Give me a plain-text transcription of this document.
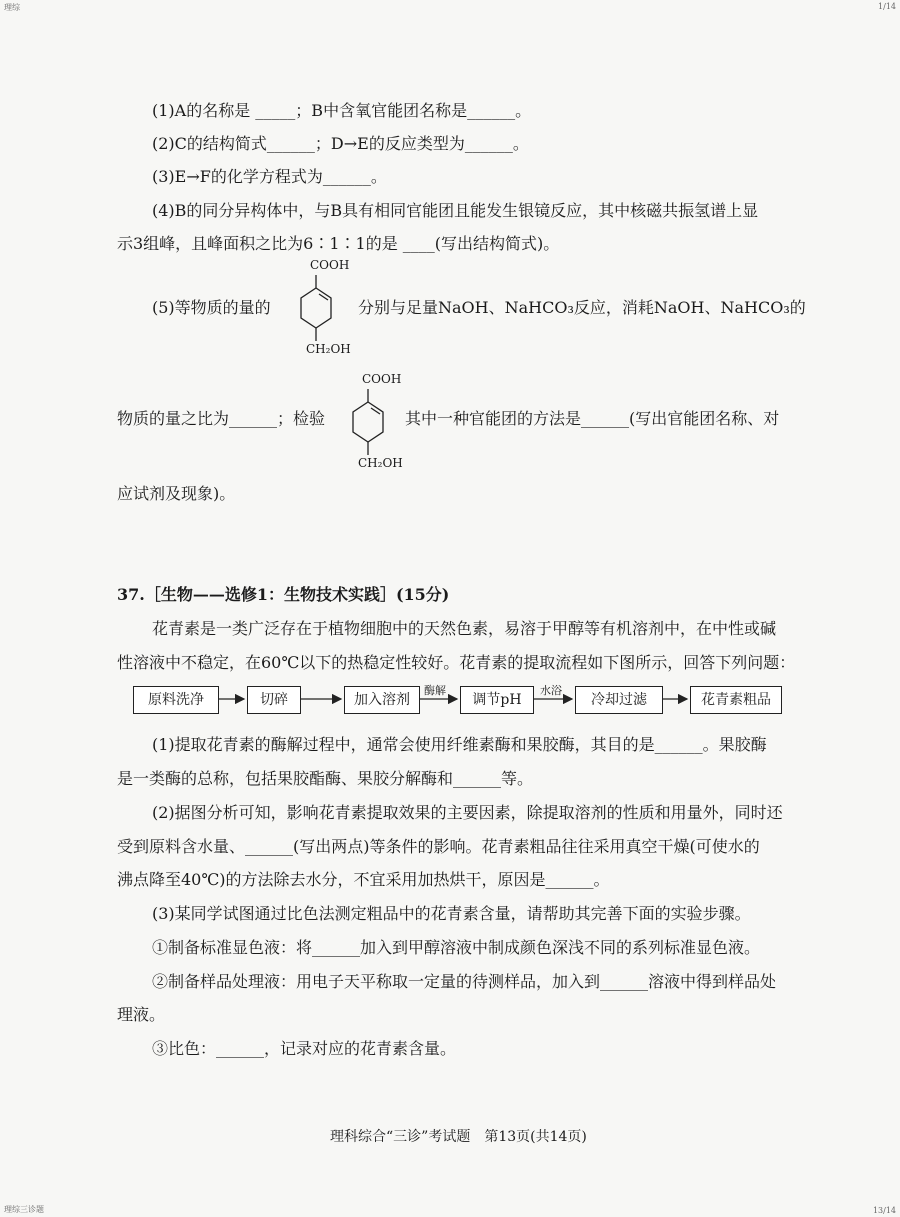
理综	1/14
理综三诊题	13/14
(1)A的名称是 _____；B中含氧官能团名称是______。
(2)C的结构简式______；D→E的反应类型为______。
(3)E→F的化学方程式为______。
(4)B的同分异构体中，与B具有相同官能团且能发生银镜反应，其中核磁共振氢谱上显
示3组峰，且峰面积之比为6∶1∶1的是 ____(写出结构简式)。
(5)等物质的量的
COOH
CH₂OH
分别与足量NaOH、NaHCO₃反应，消耗NaOH、NaHCO₃的
物质的量之比为______；检验
COOH
CH₂OH
其中一种官能团的方法是______(写出官能团名称、对
应试剂及现象)。
37.［生物——选修1：生物技术实践］(15分)
花青素是一类广泛存在于植物细胞中的天然色素，易溶于甲醇等有机溶剂中，在中性或碱
性溶液中不稳定，在60℃以下的热稳定性较好。花青素的提取流程如下图所示，回答下列问题：
原料洗净	切碎	加入溶剂	调节pH	冷却过滤	花青素粗品
酶解	水浴
(1)提取花青素的酶解过程中，通常会使用纤维素酶和果胶酶，其目的是______。果胶酶
是一类酶的总称，包括果胶酯酶、果胶分解酶和______等。
(2)据图分析可知，影响花青素提取效果的主要因素，除提取溶剂的性质和用量外，同时还
受到原料含水量、______(写出两点)等条件的影响。花青素粗品往往采用真空干燥(可使水的
沸点降至40℃)的方法除去水分，不宜采用加热烘干，原因是______。
(3)某同学试图通过比色法测定粗品中的花青素含量，请帮助其完善下面的实验步骤。
①制备标准显色液：将______加入到甲醇溶液中制成颜色深浅不同的系列标准显色液。
②制备样品处理液：用电子天平称取一定量的待测样品，加入到______溶液中得到样品处
理液。
③比色：______，记录对应的花青素含量。
理科综合“三诊”考试题　第13页(共14页)
